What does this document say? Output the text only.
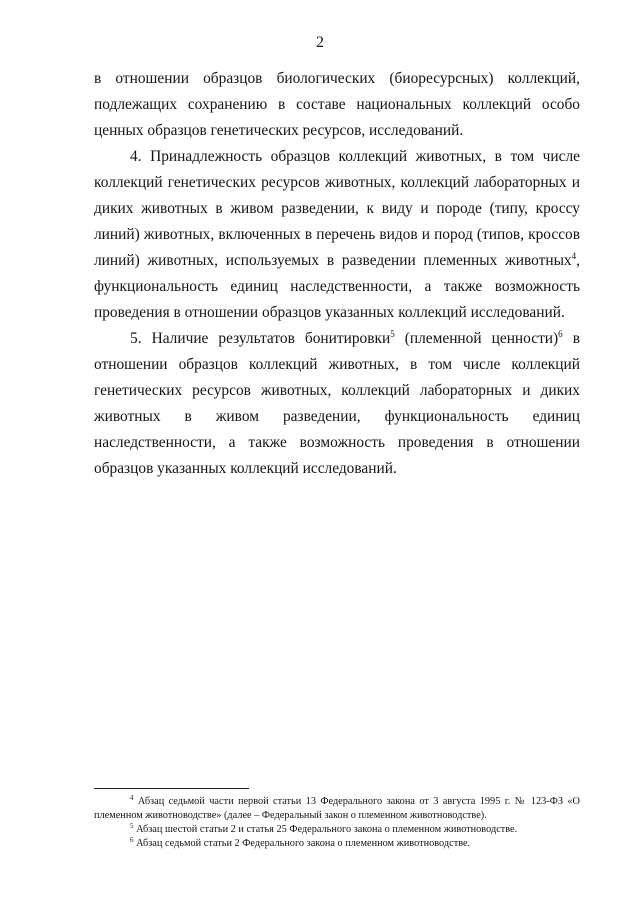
2

в отношении образцов биологических (биоресурсных) коллекций, подлежащих сохранению в составе национальных коллекций особо ценных образцов генетических ресурсов, исследований.

4. Принадлежность образцов коллекций животных, в том числе коллекций генетических ресурсов животных, коллекций лабораторных и диких животных в живом разведении, к виду и породе (типу, кроссу линий) животных, включенных в перечень видов и пород (типов, кроссов линий) животных, используемых в разведении племенных животных$^4$, функциональность единиц наследственности, а также возможность проведения в отношении образцов указанных коллекций исследований.

5. Наличие результатов бонитировки$^5$ (племенной ценности)$^6$ в отношении образцов коллекций животных, в том числе коллекций генетических ресурсов животных, коллекций лабораторных и диких животных в живом разведении, функциональность единиц наследственности, а также возможность проведения в отношении образцов указанных коллекций исследований.

$^4$ Абзац седьмой части первой статьи 13 Федерального закона от 3 августа 1995 г. № 123-ФЗ «О племенном животноводстве» (далее – Федеральный закон о племенном животноводстве).

$^5$ Абзац шестой статьи 2 и статья 25 Федерального закона о племенном животноводстве.

$^6$ Абзац седьмой статьи 2 Федерального закона о племенном животноводстве.
